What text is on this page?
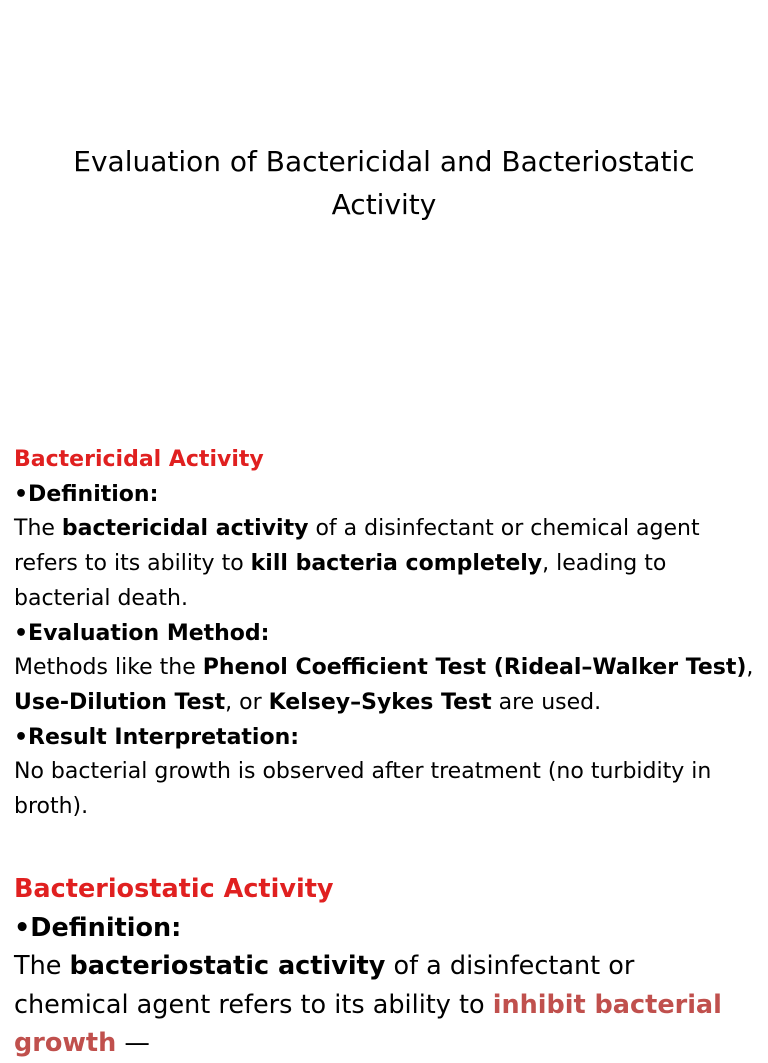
Evaluation of Bactericidal and Bacteriostatic Activity
Bactericidal Activity
•Definition:

The bactericidal activity of a disinfectant or chemical agent refers to its ability to kill bacteria completely, leading to bacterial death.

•Evaluation Method:

Methods like the Phenol Coefficient Test (Rideal–Walker Test), Use-Dilution Test, or Kelsey–Sykes Test are used.

•Result Interpretation:

No bacterial growth is observed after treatment (no turbidity in broth).

Bacteriostatic Activity
•Definition:

The bacteriostatic activity of a disinfectant or chemical agent refers to its ability to inhibit bacterial growth —
